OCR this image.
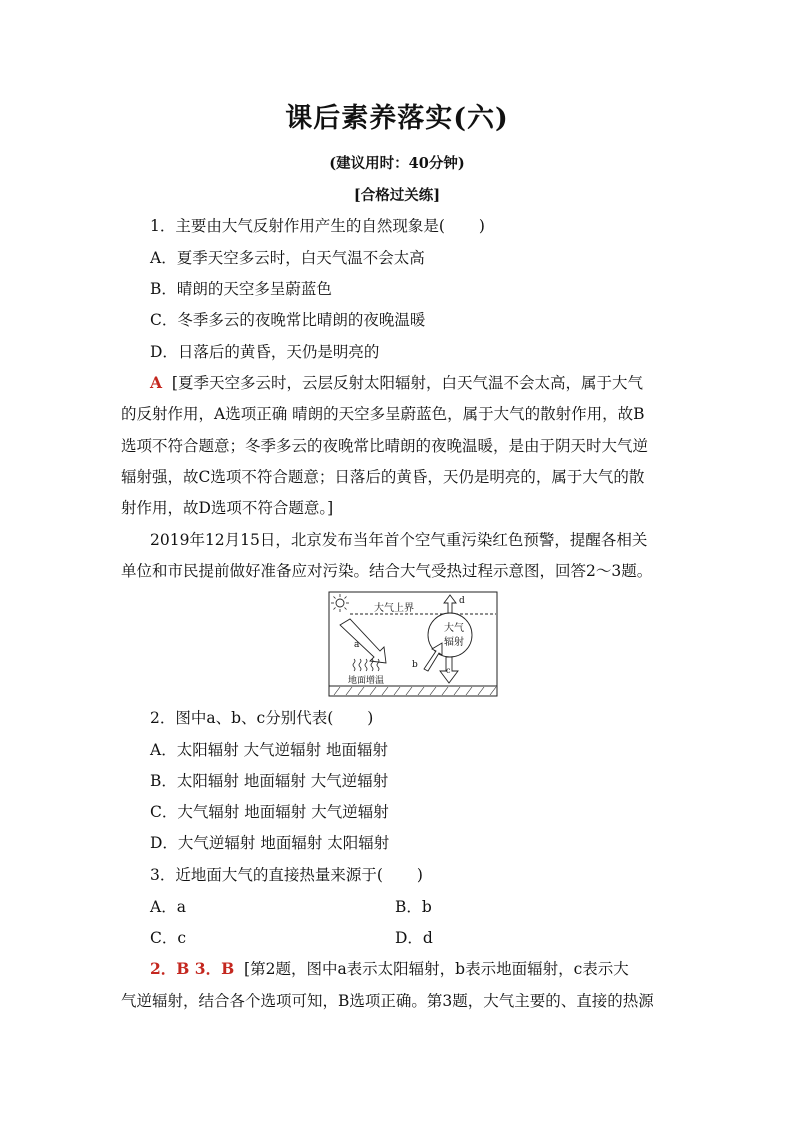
课后素养落实(六)
(建议用时：40分钟)
[合格过关练]
1．主要由大气反射作用产生的自然现象是( )
A．夏季天空多云时，白天气温不会太高
B．晴朗的天空多呈蔚蓝色
C．冬季多云的夜晚常比晴朗的夜晚温暖
D．日落后的黄昏，天仍是明亮的
A [夏季天空多云时，云层反射太阳辐射，白天气温不会太高，属于大气
的反射作用，A选项正确 晴朗的天空多呈蔚蓝色，属于大气的散射作用，故B
选项不符合题意；冬季多云的夜晚常比晴朗的夜晚温暖，是由于阴天时大气逆
辐射强，故C选项不符合题意；日落后的黄昏，天仍是明亮的，属于大气的散
射作用，故D选项不符合题意。]
2019年12月15日，北京发布当年首个空气重污染红色预警，提醒各相关
单位和市民提前做好准备应对污染。结合大气受热过程示意图，回答2～3题。
大气上界
a
地面增温
大气
辐射
d
b
c
2．图中a、b、c分别代表( )
A．太阳辐射 大气逆辐射 地面辐射
B．太阳辐射 地面辐射 大气逆辐射
C．大气辐射 地面辐射 大气逆辐射
D．大气逆辐射 地面辐射 太阳辐射
3．近地面大气的直接热量来源于( )
A．a	B．b
C．c	D．d
2．B 3．B [第2题，图中a表示太阳辐射，b表示地面辐射，c表示大
气逆辐射，结合各个选项可知，B选项正确。第3题，大气主要的、直接的热源
